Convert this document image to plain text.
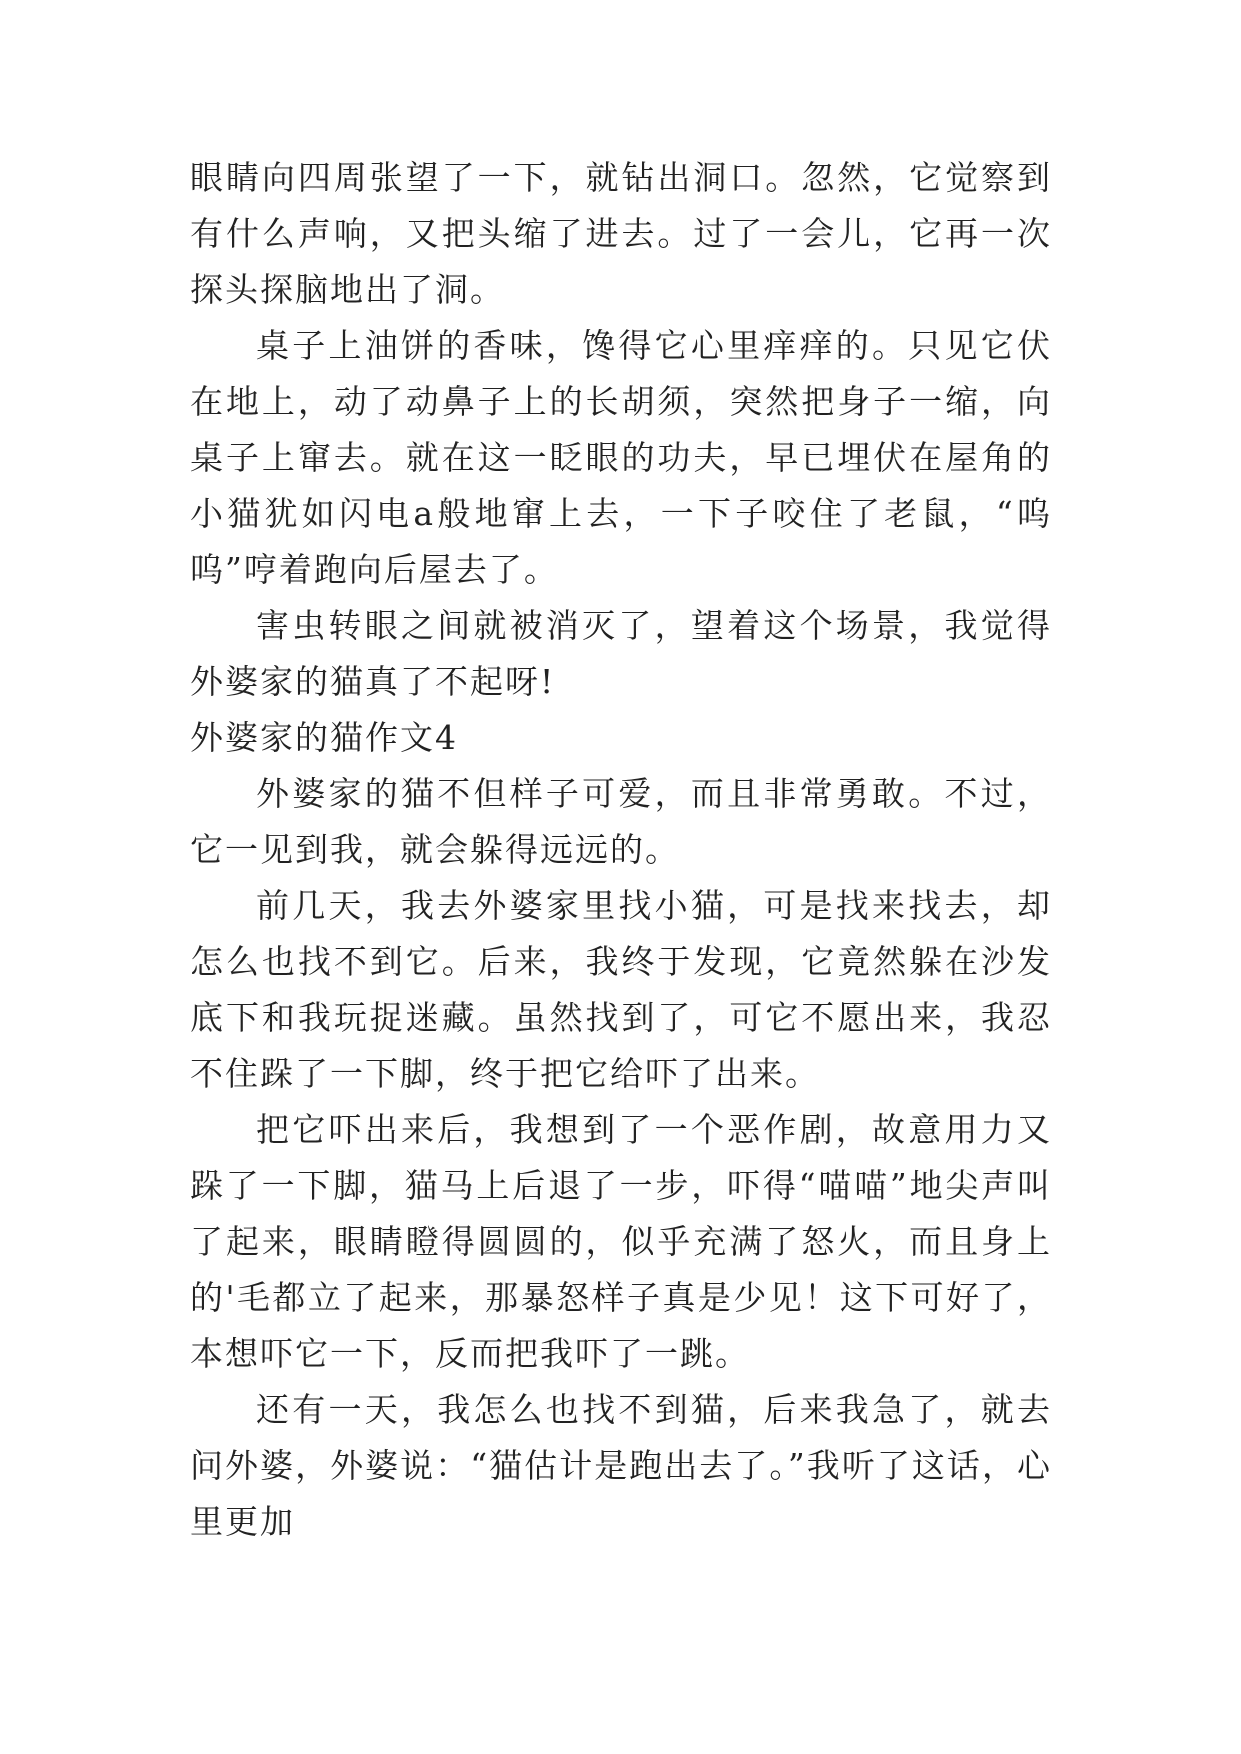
眼睛向四周张望了一下，就钻出洞口。忽然，它觉察到有什么声响，又把头缩了进去。过了一会儿，它再一次探头探脑地出了洞。

桌子上油饼的香味，馋得它心里痒痒的。只见它伏在地上，动了动鼻子上的长胡须，突然把身子一缩，向桌子上窜去。就在这一眨眼的功夫，早已埋伏在屋角的小猫犹如闪电a般地窜上去，一下子咬住了老鼠，“呜呜”哼着跑向后屋去了。

害虫转眼之间就被消灭了，望着这个场景，我觉得外婆家的猫真了不起呀!

外婆家的猫作文4

外婆家的猫不但样子可爱，而且非常勇敢。不过，它一见到我，就会躲得远远的。

前几天，我去外婆家里找小猫，可是找来找去，却怎么也找不到它。后来，我终于发现，它竟然躲在沙发底下和我玩捉迷藏。虽然找到了，可它不愿出来，我忍不住跺了一下脚，终于把它给吓了出来。

把它吓出来后，我想到了一个恶作剧，故意用力又跺了一下脚，猫马上后退了一步，吓得“喵喵”地尖声叫了起来，眼睛瞪得圆圆的，似乎充满了怒火，而且身上的'毛都立了起来，那暴怒样子真是少见！这下可好了，本想吓它一下，反而把我吓了一跳。

还有一天，我怎么也找不到猫，后来我急了，就去问外婆，外婆说：“猫估计是跑出去了。”我听了这话，心里更加
